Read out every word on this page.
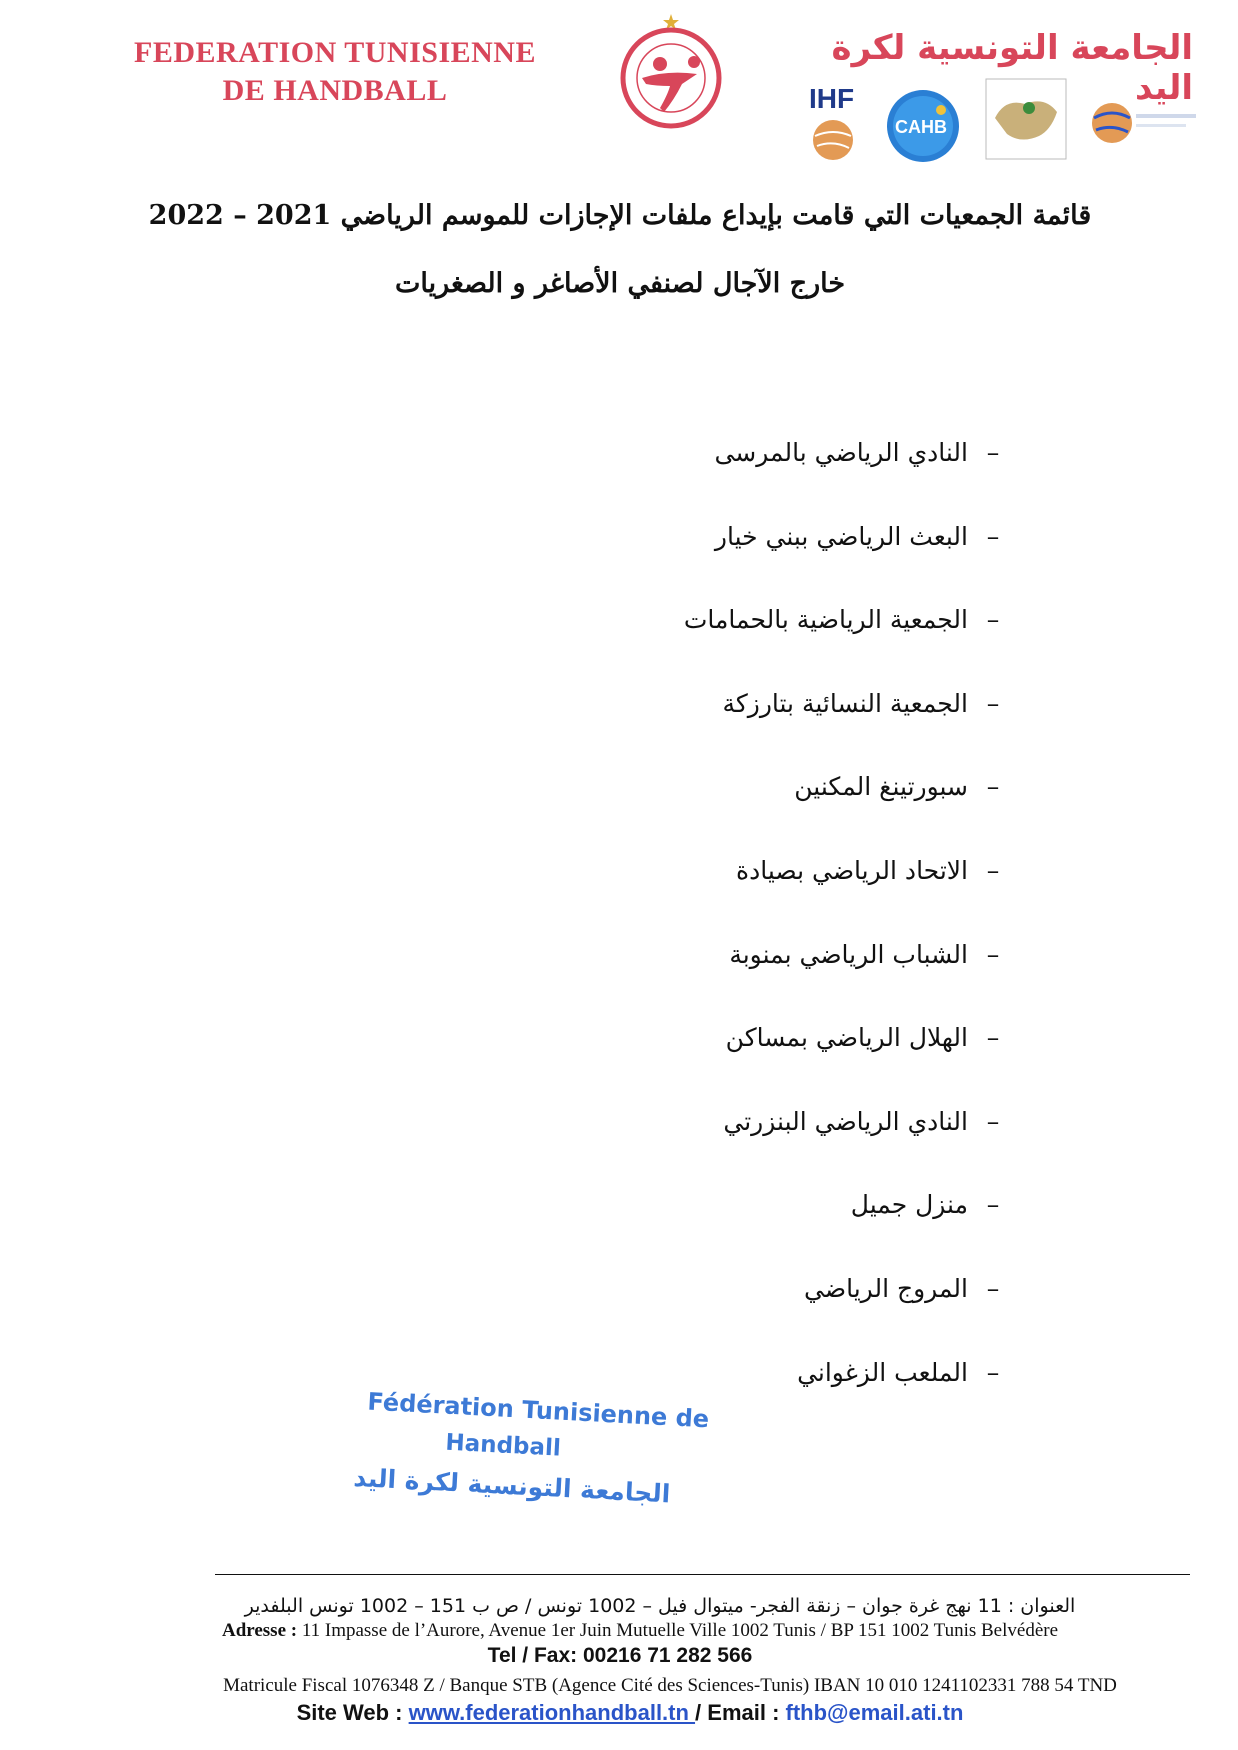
FEDERATION TUNISIENNE
DE HANDBALL
الجامعة التونسية لكرة اليد
IHF
CAHB
قائمة الجمعيات التي قامت بإيداع ملفات الإجازات للموسم الرياضي 2021 – 2022
خارج الآجال لصنفي الأصاغر و الصغريات
–
النادي الرياضي بالمرسى
–
البعث الرياضي ببني خيار
–
الجمعية الرياضية بالحمامات
–
الجمعية النسائية بتارزكة
–
سبورتينغ المكنين
–
الاتحاد الرياضي بصيادة
–
الشباب الرياضي بمنوبة
–
الهلال الرياضي بمساكن
–
النادي الرياضي البنزرتي
–
منزل جميل
–
المروج الرياضي
–
الملعب الزغواني
Fédération Tunisienne de
Handball
الجامعة التونسية لكرة اليد
العنوان : 11 نهج غرة جوان – زنقة الفجر- ميتوال فيل – 1002 تونس / ص ب 151 – 1002 تونس البلفدير
Adresse : 11 Impasse de l’Aurore, Avenue 1er Juin Mutuelle Ville 1002 Tunis / BP 151 1002 Tunis Belvédère
Tel / Fax: 00216 71 282 566
Matricule Fiscal 1076348 Z / Banque STB (Agence Cité des Sciences-Tunis) IBAN 10 010 1241102331 788 54 TND
Site Web : www.federationhandball.tn / Email : fthb@email.ati.tn
